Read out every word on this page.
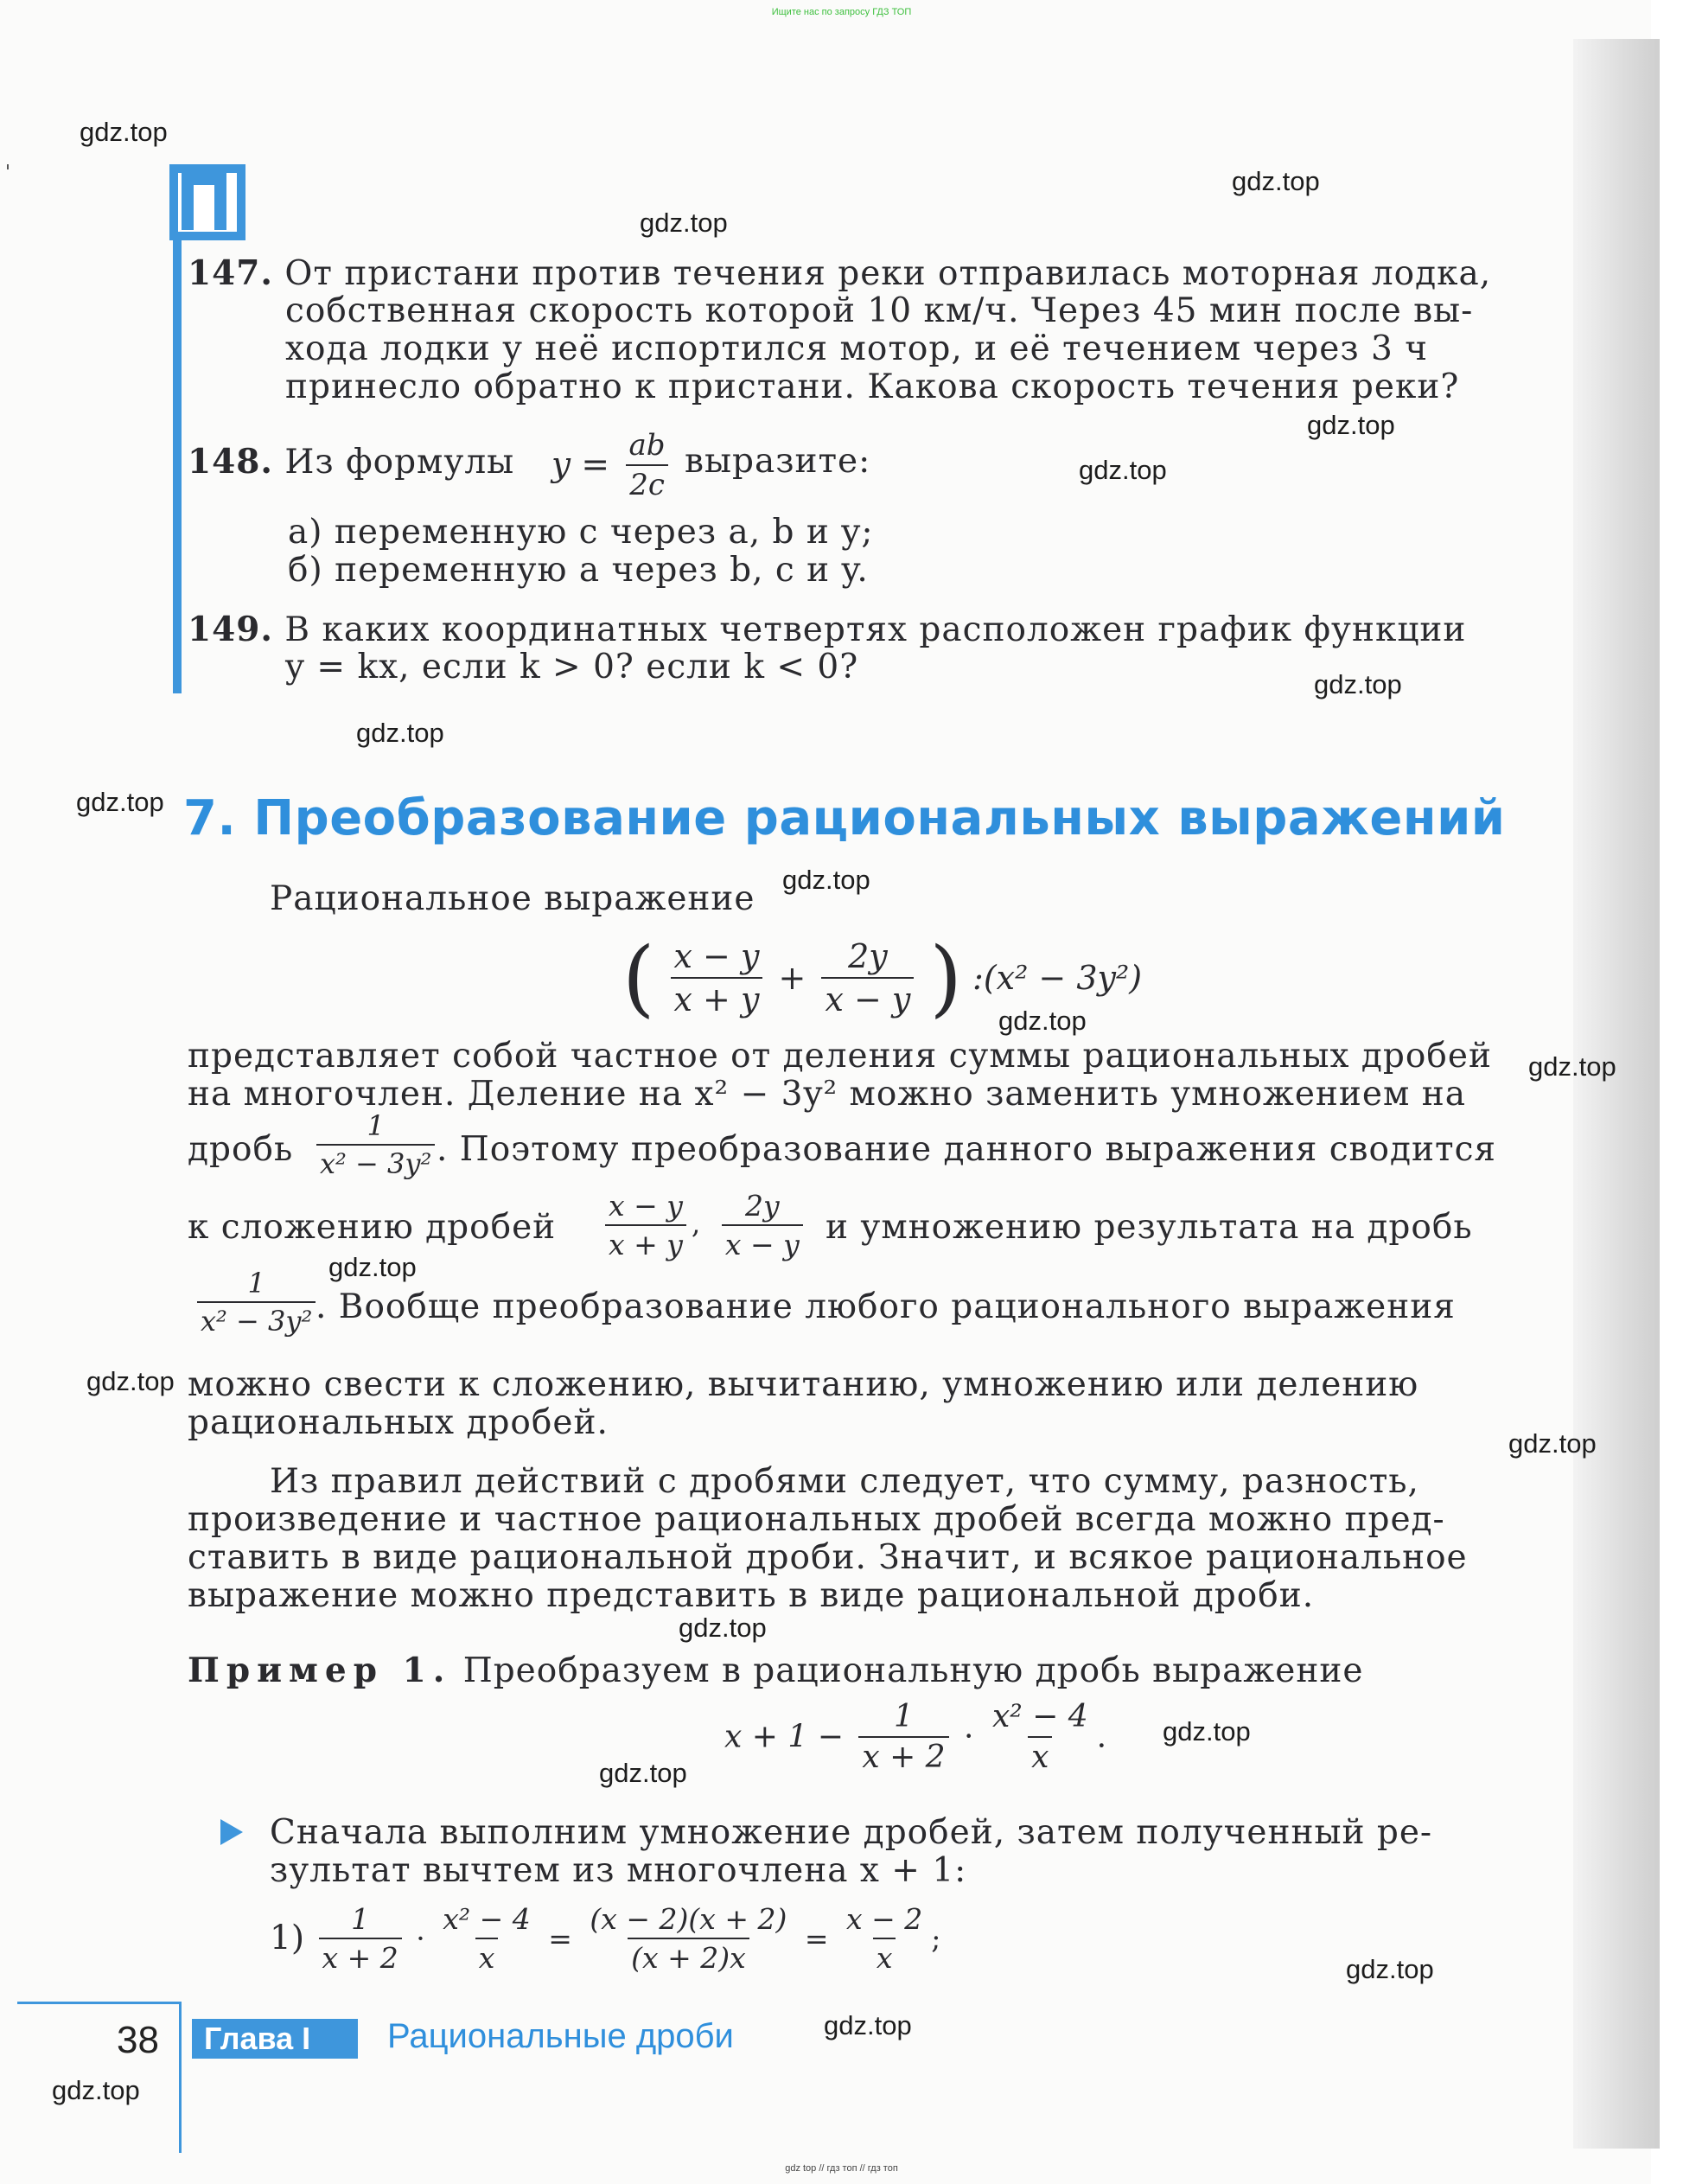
Ищите нас по запросу ГДЗ ТОП
147. От пристани против течения реки отправилась моторная лодка,
собственная скорость которой 10 км/ч. Через 45 мин после вы-
хода лодки у неё испортился мотор, и её течением через 3 ч
принесло обратно к пристани. Какова скорость течения реки?
148. Из формулы $y = \frac{ab}{2c}$ выразите:
а) переменную c через a, b и y;
б) переменную a через b, c и y.
149. В каких координатных четвертях расположен график функции
y = kx, если k > 0? если k < 0?
7. Преобразование рациональных выражений
Рациональное выражение
( $\frac{x - y}{x + y} + \frac{2y}{x - y}$ ) :(x² − 3y²)
представляет собой частное от деления суммы рациональных дробей
на многочлен. Деление на x² − 3y² можно заменить умножением на
дробь $\frac{1}{\text{x² − 3y²}}$ . Поэтому преобразование данного выражения сводится
к сложению дробей $\frac{x - y}{x + y}$ , $\frac{2y}{x - y}$ и умножению результата на дробь
$\frac{1}{\text{x² − 3y²}}$ . Вообще преобразование любого рационального выражения
можно свести к сложению, вычитанию, умножению или делению
рациональных дробей.
Из правил действий с дробями следует, что сумму, разность,
произведение и частное рациональных дробей всегда можно пред-
ставить в виде рациональной дроби. Значит, и всякое рациональное
выражение можно представить в виде рациональной дроби.
Пример 1. Преобразуем в рациональную дробь выражение
$x + 1 - \frac{1}{x + 2} \cdot \frac{\text{x² − 4}}{x}$ .
Сначала выполним умножение дробей, затем полученный ре-
зультат вычтем из многочлена x + 1:
$1) \frac{1}{x + 2} \cdot \frac{\text{x² − 4}}{x} = \frac{(x - 2)(x + 2)}{(x + 2)x} = \frac{x - 2}{x}$ ;
38	Глава I	Рациональные дроби
gdz top // гдз топ // гдз топ
gdz.top
gdz.top
gdz.top
gdz.top
gdz.top
gdz.top
gdz.top
gdz.top
gdz.top
gdz.top
gdz.top
gdz.top
gdz.top
gdz.top
gdz.top
gdz.top
gdz.top
gdz.top
gdz.top
gdz.top
